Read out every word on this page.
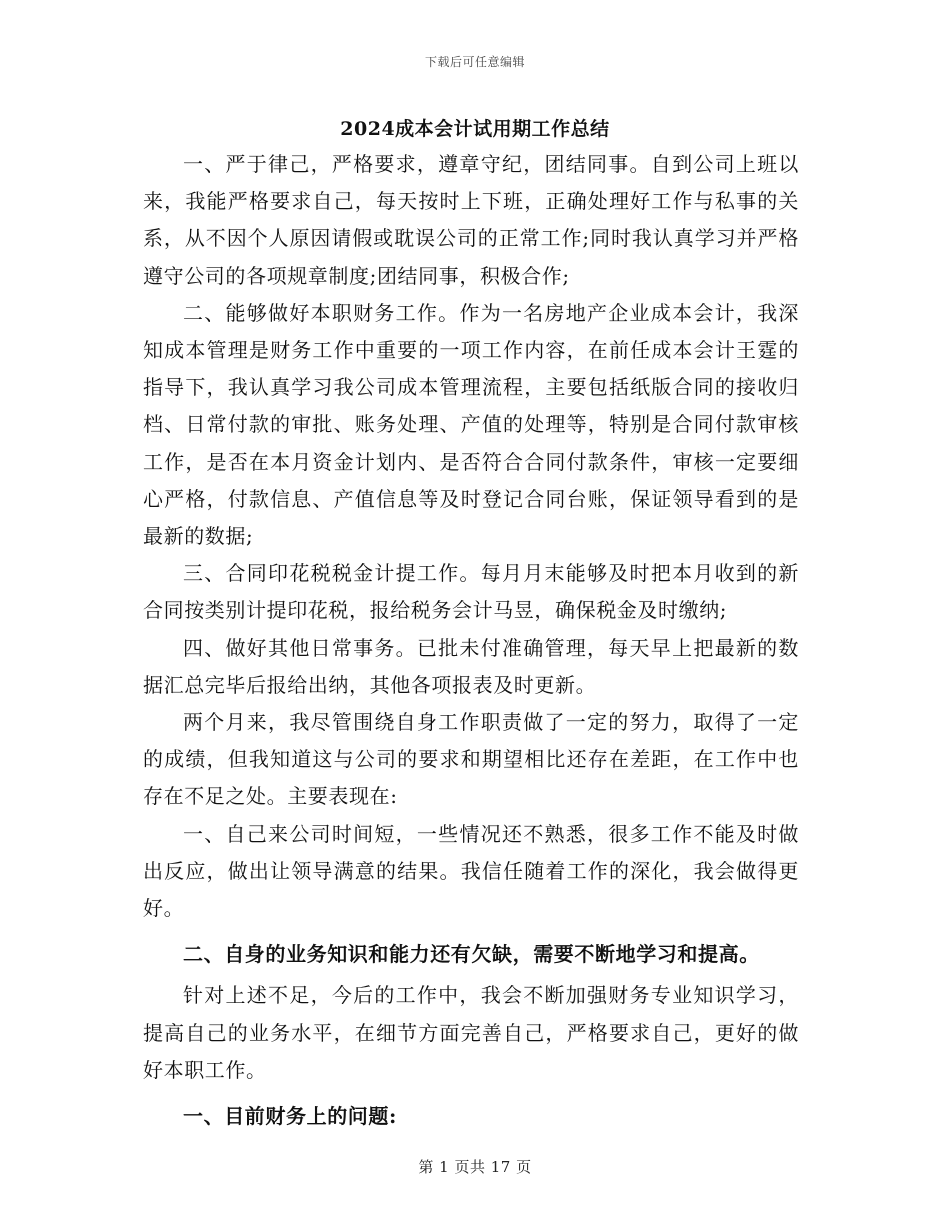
下载后可任意编辑
2024成本会计试用期工作总结

一、严于律己，严格要求，遵章守纪，团结同事。自到公司上班以来，我能严格要求自己，每天按时上下班，正确处理好工作与私事的关系，从不因个人原因请假或耽误公司的正常工作;同时我认真学习并严格遵守公司的各项规章制度;团结同事，积极合作;

二、能够做好本职财务工作。作为一名房地产企业成本会计，我深知成本管理是财务工作中重要的一项工作内容，在前任成本会计王霆的指导下，我认真学习我公司成本管理流程，主要包括纸版合同的接收归档、日常付款的审批、账务处理、产值的处理等，特别是合同付款审核工作，是否在本月资金计划内、是否符合合同付款条件，审核一定要细心严格，付款信息、产值信息等及时登记合同台账，保证领导看到的是最新的数据;

三、合同印花税税金计提工作。每月月末能够及时把本月收到的新合同按类别计提印花税，报给税务会计马昱，确保税金及时缴纳;

四、做好其他日常事务。已批未付准确管理，每天早上把最新的数据汇总完毕后报给出纳，其他各项报表及时更新。

两个月来，我尽管围绕自身工作职责做了一定的努力，取得了一定的成绩，但我知道这与公司的要求和期望相比还存在差距，在工作中也存在不足之处。主要表现在:

一、自己来公司时间短，一些情况还不熟悉，很多工作不能及时做出反应，做出让领导满意的结果。我信任随着工作的深化，我会做得更好。

二、自身的业务知识和能力还有欠缺，需要不断地学习和提高。

针对上述不足，今后的工作中，我会不断加强财务专业知识学习，提高自己的业务水平，在细节方面完善自己，严格要求自己，更好的做好本职工作。

一、目前财务上的问题:

第 1 页共 17 页
